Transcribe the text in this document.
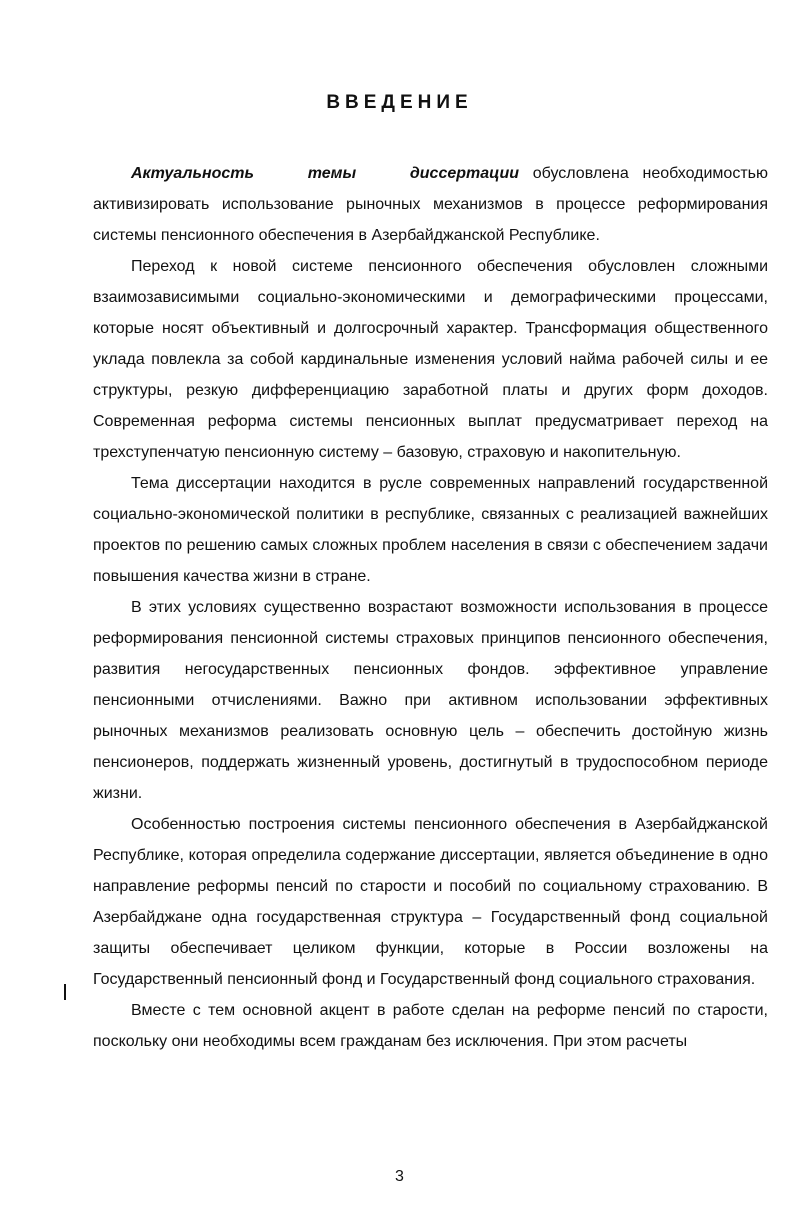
ВВЕДЕНИЕ

Актуальность темы диссертации обусловлена необходимостью активизировать использование рыночных механизмов в процессе реформирования системы пенсионного обеспечения в Азербайджанской Республике.

Переход к новой системе пенсионного обеспечения обусловлен сложными взаимозависимыми социально-экономическими и демографическими процессами, которые носят объективный и долгосрочный характер. Трансформация общественного уклада повлекла за собой кардинальные изменения условий найма рабочей силы и ее структуры, резкую дифференциацию заработной платы и других форм доходов. Современная реформа системы пенсионных выплат предусматривает переход на трехступенчатую пенсионную систему – базовую, страховую и накопительную.

Тема диссертации находится в русле современных направлений государственной социально-экономической политики в республике, связанных с реализацией важнейших проектов по решению самых сложных проблем населения в связи с обеспечением задачи повышения качества жизни в стране.

В этих условиях существенно возрастают возможности использования в процессе реформирования пенсионной системы страховых принципов пенсионного обеспечения, развития негосударственных пенсионных фондов. эффективное управление пенсионными отчислениями. Важно при активном использовании эффективных рыночных механизмов реализовать основную цель – обеспечить достойную жизнь пенсионеров, поддержать жизненный уровень, достигнутый в трудоспособном периоде жизни.

Особенностью построения системы пенсионного обеспечения в Азербайджанской Республике, которая определила содержание диссертации, является объединение в одно направление реформы пенсий по старости и пособий по социальному страхованию. В Азербайджане одна государственная структура – Государственный фонд социальной защиты обеспечивает целиком функции, которые в России возложены на Государственный пенсионный фонд и Государственный фонд социального страхования.

Вместе с тем основной акцент в работе сделан на реформе пенсий по старости, поскольку они необходимы всем гражданам без исключения. При этом расчеты

3
